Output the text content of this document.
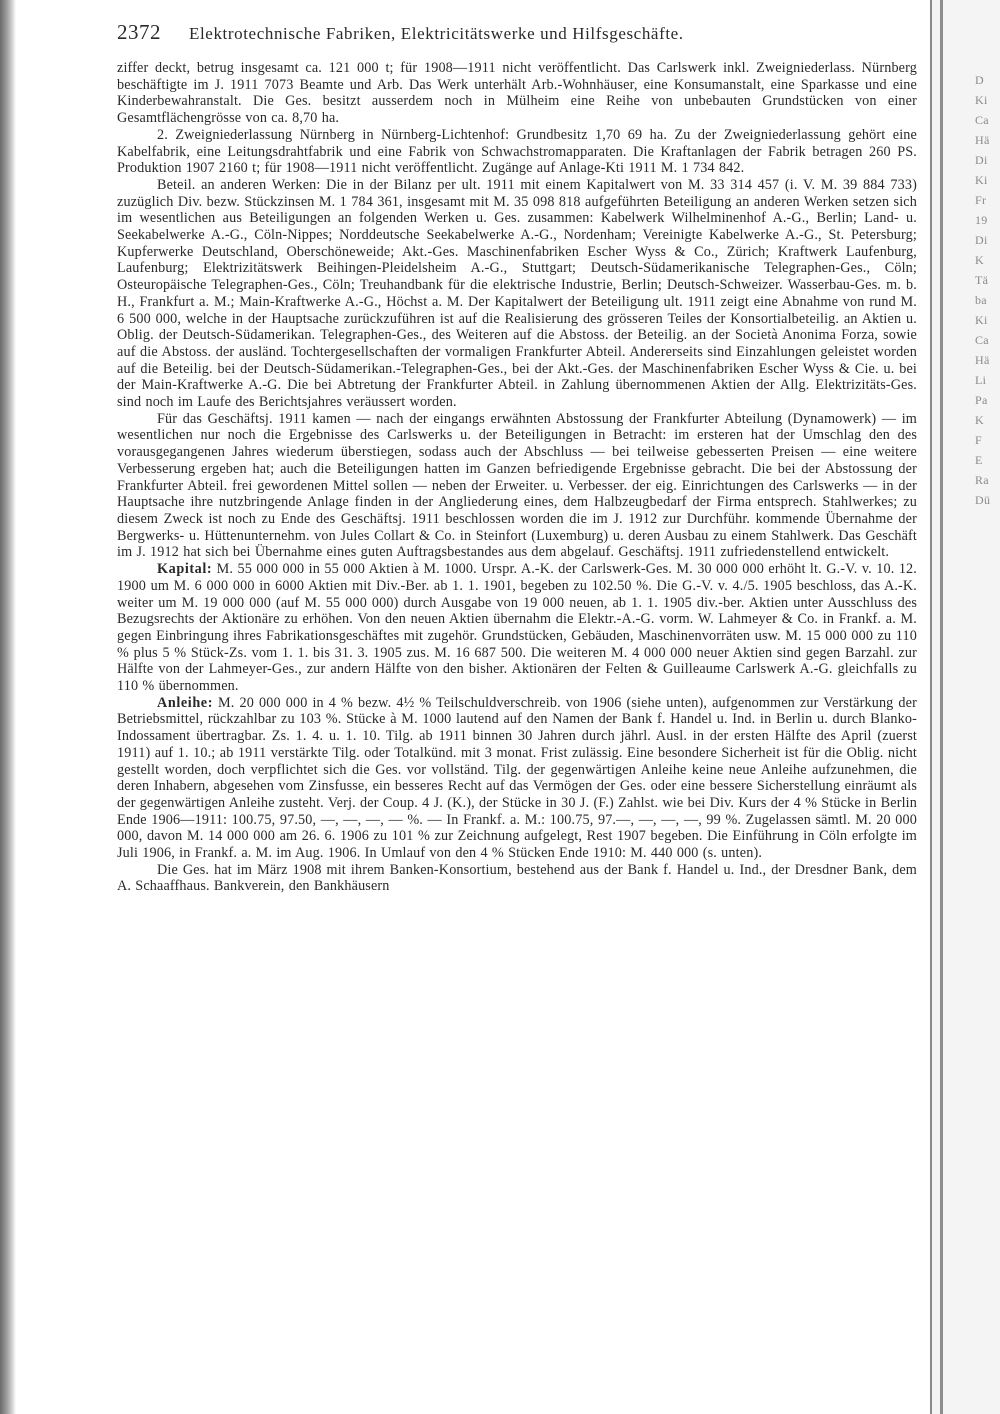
D
Ki
Ca
Hä
Di
Ki
Fr
19
Di
K
Tä
ba
Ki
Ca
Hä
Li
Pa
K
F
E
Ra
Dü
2372 Elektrotechnische Fabriken, Elektricitätswerke und Hilfsgeschäfte.

ziffer deckt, betrug insgesamt ca. 121 000 t; für 1908—1911 nicht veröffentlicht. Das Carlswerk inkl. Zweigniederlass. Nürnberg beschäftigte im J. 1911 7073 Beamte und Arb. Das Werk unterhält Arb.-Wohnhäuser, eine Konsumanstalt, eine Sparkasse und eine Kinderbewahranstalt. Die Ges. besitzt ausserdem noch in Mülheim eine Reihe von unbebauten Grundstücken von einer Gesamtflächengrösse von ca. 8,70 ha.

2. Zweigniederlassung Nürnberg in Nürnberg-Lichtenhof: Grundbesitz 1,70 69 ha. Zu der Zweigniederlassung gehört eine Kabelfabrik, eine Leitungsdrahtfabrik und eine Fabrik von Schwachstromapparaten. Die Kraftanlagen der Fabrik betragen 260 PS. Produktion 1907 2160 t; für 1908—1911 nicht veröffentlicht. Zugänge auf Anlage-Kti 1911 M. 1 734 842.

Beteil. an anderen Werken: Die in der Bilanz per ult. 1911 mit einem Kapitalwert von M. 33 314 457 (i. V. M. 39 884 733) zuzüglich Div. bezw. Stückzinsen M. 1 784 361, insgesamt mit M. 35 098 818 aufgeführten Beteiligung an anderen Werken setzen sich im wesentlichen aus Beteiligungen an folgenden Werken u. Ges. zusammen: Kabelwerk Wilhelminenhof A.-G., Berlin; Land- u. Seekabelwerke A.-G., Cöln-Nippes; Norddeutsche Seekabelwerke A.-G., Nordenham; Vereinigte Kabelwerke A.-G., St. Petersburg; Kupferwerke Deutschland, Oberschöneweide; Akt.-Ges. Maschinenfabriken Escher Wyss & Co., Zürich; Kraftwerk Laufenburg, Laufenburg; Elektrizitätswerk Beihingen-Pleidelsheim A.-G., Stuttgart; Deutsch-Südamerikanische Telegraphen-Ges., Cöln; Osteuropäische Telegraphen-Ges., Cöln; Treuhandbank für die elektrische Industrie, Berlin; Deutsch-Schweizer. Wasserbau-Ges. m. b. H., Frankfurt a. M.; Main-Kraftwerke A.-G., Höchst a. M. Der Kapitalwert der Beteiligung ult. 1911 zeigt eine Abnahme von rund M. 6 500 000, welche in der Hauptsache zurückzuführen ist auf die Realisierung des grösseren Teiles der Konsortialbeteilig. an Aktien u. Oblig. der Deutsch-Südamerikan. Telegraphen-Ges., des Weiteren auf die Abstoss. der Beteilig. an der Società Anonima Forza, sowie auf die Abstoss. der ausländ. Tochtergesellschaften der vormaligen Frankfurter Abteil. Andererseits sind Einzahlungen geleistet worden auf die Beteilig. bei der Deutsch-Südamerikan.-Telegraphen-Ges., bei der Akt.-Ges. der Maschinenfabriken Escher Wyss & Cie. u. bei der Main-Kraftwerke A.-G. Die bei Abtretung der Frankfurter Abteil. in Zahlung übernommenen Aktien der Allg. Elektrizitäts-Ges. sind noch im Laufe des Berichtsjahres veräussert worden.

Für das Geschäftsj. 1911 kamen — nach der eingangs erwähnten Abstossung der Frankfurter Abteilung (Dynamowerk) — im wesentlichen nur noch die Ergebnisse des Carlswerks u. der Beteiligungen in Betracht: im ersteren hat der Umschlag den des vorausgegangenen Jahres wiederum überstiegen, sodass auch der Abschluss — bei teilweise gebesserten Preisen — eine weitere Verbesserung ergeben hat; auch die Beteiligungen hatten im Ganzen befriedigende Ergebnisse gebracht. Die bei der Abstossung der Frankfurter Abteil. frei gewordenen Mittel sollen — neben der Erweiter. u. Verbesser. der eig. Einrichtungen des Carlswerks — in der Hauptsache ihre nutzbringende Anlage finden in der Angliederung eines, dem Halbzeugbedarf der Firma entsprech. Stahlwerkes; zu diesem Zweck ist noch zu Ende des Geschäftsj. 1911 beschlossen worden die im J. 1912 zur Durchführ. kommende Übernahme der Bergwerks- u. Hüttenunternehm. von Jules Collart & Co. in Steinfort (Luxemburg) u. deren Ausbau zu einem Stahlwerk. Das Geschäft im J. 1912 hat sich bei Übernahme eines guten Auftragsbestandes aus dem abgelauf. Geschäftsj. 1911 zufriedenstellend entwickelt.

Kapital: M. 55 000 000 in 55 000 Aktien à M. 1000. Urspr. A.-K. der Carlswerk-Ges. M. 30 000 000 erhöht lt. G.-V. v. 10. 12. 1900 um M. 6 000 000 in 6000 Aktien mit Div.-Ber. ab 1. 1. 1901, begeben zu 102.50 %. Die G.-V. v. 4./5. 1905 beschloss, das A.-K. weiter um M. 19 000 000 (auf M. 55 000 000) durch Ausgabe von 19 000 neuen, ab 1. 1. 1905 div.-ber. Aktien unter Ausschluss des Bezugsrechts der Aktionäre zu erhöhen. Von den neuen Aktien übernahm die Elektr.-A.-G. vorm. W. Lahmeyer & Co. in Frankf. a. M. gegen Einbringung ihres Fabrikationsgeschäftes mit zugehör. Grundstücken, Gebäuden, Maschinenvorräten usw. M. 15 000 000 zu 110 % plus 5 % Stück-Zs. vom 1. 1. bis 31. 3. 1905 zus. M. 16 687 500. Die weiteren M. 4 000 000 neuer Aktien sind gegen Barzahl. zur Hälfte von der Lahmeyer-Ges., zur andern Hälfte von den bisher. Aktionären der Felten & Guilleaume Carlswerk A.-G. gleichfalls zu 110 % übernommen.

Anleihe: M. 20 000 000 in 4 % bezw. 4½ % Teilschuldverschreib. von 1906 (siehe unten), aufgenommen zur Verstärkung der Betriebsmittel, rückzahlbar zu 103 %. Stücke à M. 1000 lautend auf den Namen der Bank f. Handel u. Ind. in Berlin u. durch Blanko-Indossament übertragbar. Zs. 1. 4. u. 1. 10. Tilg. ab 1911 binnen 30 Jahren durch jährl. Ausl. in der ersten Hälfte des April (zuerst 1911) auf 1. 10.; ab 1911 verstärkte Tilg. oder Totalkünd. mit 3 monat. Frist zulässig. Eine besondere Sicherheit ist für die Oblig. nicht gestellt worden, doch verpflichtet sich die Ges. vor vollständ. Tilg. der gegenwärtigen Anleihe keine neue Anleihe aufzunehmen, die deren Inhabern, abgesehen vom Zinsfusse, ein besseres Recht auf das Vermögen der Ges. oder eine bessere Sicherstellung einräumt als der gegenwärtigen Anleihe zusteht. Verj. der Coup. 4 J. (K.), der Stücke in 30 J. (F.) Zahlst. wie bei Div. Kurs der 4 % Stücke in Berlin Ende 1906—1911: 100.75, 97.50, —, —, —, — %. — In Frankf. a. M.: 100.75, 97.—, —, —, —, 99 %. Zugelassen sämtl. M. 20 000 000, davon M. 14 000 000 am 26. 6. 1906 zu 101 % zur Zeichnung aufgelegt, Rest 1907 begeben. Die Einführung in Cöln erfolgte im Juli 1906, in Frankf. a. M. im Aug. 1906. In Umlauf von den 4 % Stücken Ende 1910: M. 440 000 (s. unten).

Die Ges. hat im März 1908 mit ihrem Banken-Konsortium, bestehend aus der Bank f. Handel u. Ind., der Dresdner Bank, dem A. Schaaffhaus. Bankverein, den Bankhäusern
